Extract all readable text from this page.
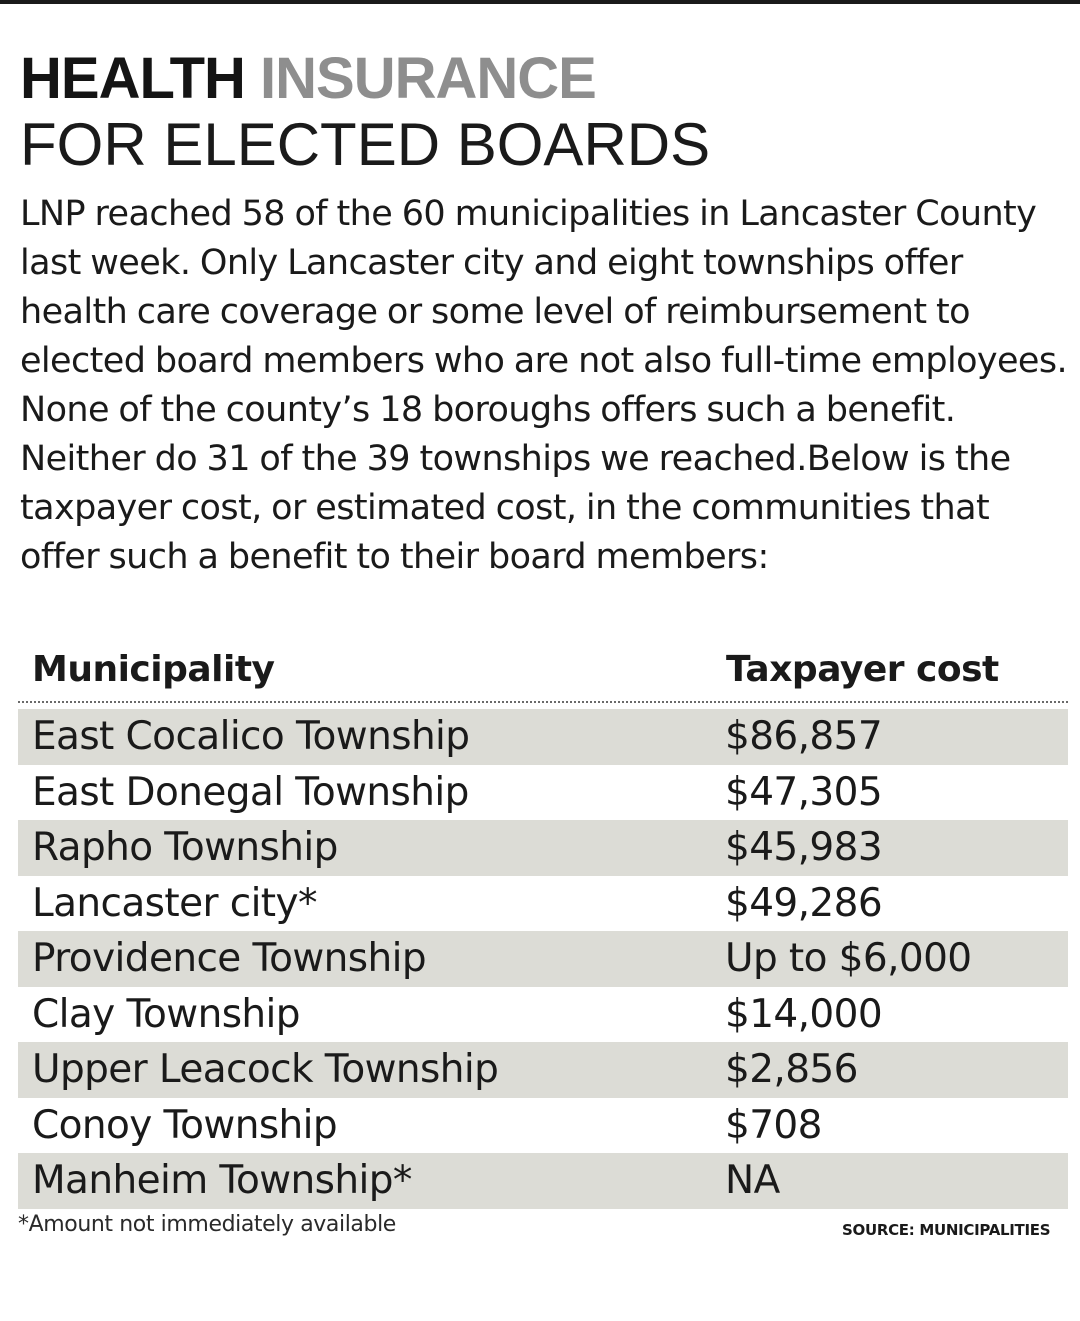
HEALTH INSURANCE
FOR ELECTED BOARDS

LNP reached 58 of the 60 municipalities in Lancaster County last week. Only Lancaster city and eight townships offer health care coverage or some level of reimbursement to elected board members who are not also full-time employees. None of the county’s 18 boroughs offers such a benefit. Neither do 31 of the 39 townships we reached.Below is the taxpayer cost, or estimated cost, in the communities that offer such a benefit to their board members:

Municipality	Taxpayer cost
East Cocalico Township	$86,857
East Donegal Township	$47,305
Rapho Township	$45,983
Lancaster city*	$49,286
Providence Township	Up to $6,000
Clay Township	$14,000
Upper Leacock Township	$2,856
Conoy Township	$708
Manheim Township*	NA
*Amount not immediately available	SOURCE: MUNICIPALITIES
